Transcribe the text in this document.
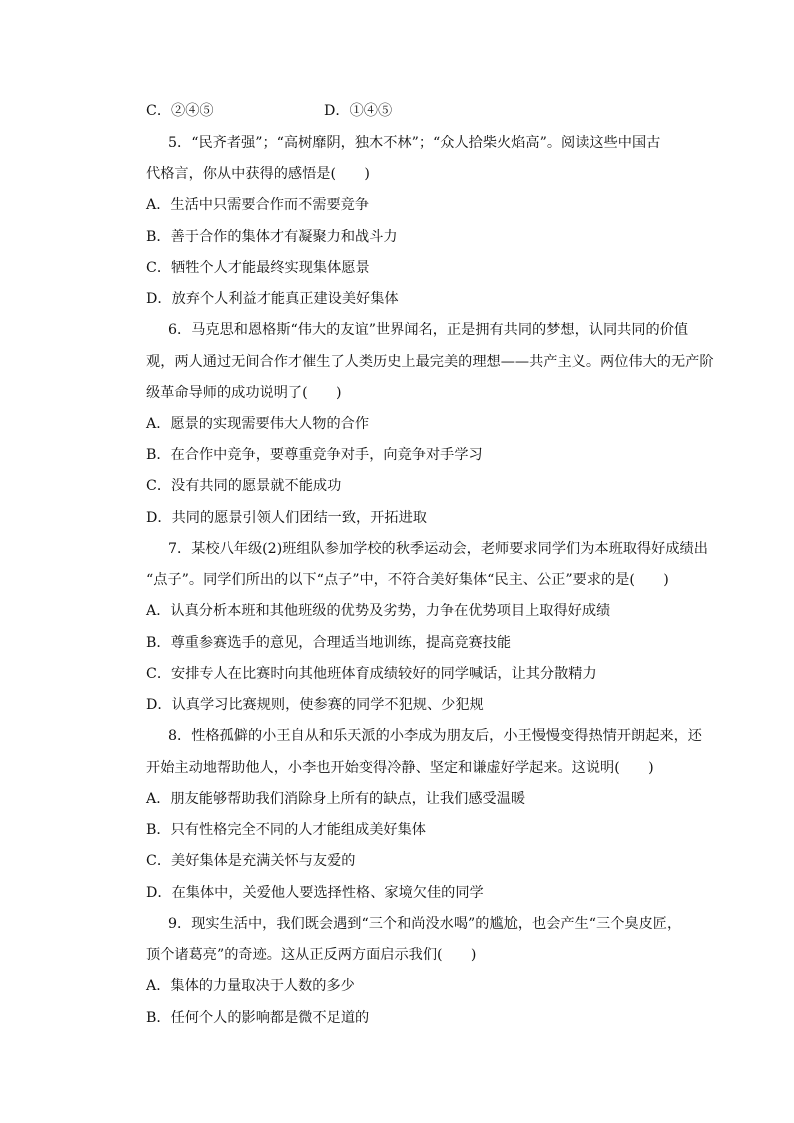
C．②④⑤	D．①④⑤
5．“民齐者强”；“高树靡阴，独木不林”；“众人拾柴火焰高”。阅读这些中国古
代格言，你从中获得的感悟是(　　)
A．生活中只需要合作而不需要竞争
B．善于合作的集体才有凝聚力和战斗力
C．牺牲个人才能最终实现集体愿景
D．放弃个人利益才能真正建设美好集体
6．马克思和恩格斯“伟大的友谊”世界闻名，正是拥有共同的梦想，认同共同的价值
观，两人通过无间合作才催生了人类历史上最完美的理想——共产主义。两位伟大的无产阶
级革命导师的成功说明了(　　)
A．愿景的实现需要伟大人物的合作
B．在合作中竞争，要尊重竞争对手，向竞争对手学习
C．没有共同的愿景就不能成功
D．共同的愿景引领人们团结一致，开拓进取
7．某校八年级(2)班组队参加学校的秋季运动会，老师要求同学们为本班取得好成绩出
“点子”。同学们所出的以下“点子”中，不符合美好集体“民主、公正”要求的是(　　)
A．认真分析本班和其他班级的优势及劣势，力争在优势项目上取得好成绩
B．尊重参赛选手的意见，合理适当地训练，提高竞赛技能
C．安排专人在比赛时向其他班体育成绩较好的同学喊话，让其分散精力
D．认真学习比赛规则，使参赛的同学不犯规、少犯规
8．性格孤僻的小王自从和乐天派的小李成为朋友后，小王慢慢变得热情开朗起来，还
开始主动地帮助他人，小李也开始变得冷静、坚定和谦虚好学起来。这说明(　　)
A．朋友能够帮助我们消除身上所有的缺点，让我们感受温暖
B．只有性格完全不同的人才能组成美好集体
C．美好集体是充满关怀与友爱的
D．在集体中，关爱他人要选择性格、家境欠佳的同学
9．现实生活中，我们既会遇到“三个和尚没水喝”的尴尬，也会产生“三个臭皮匠，
顶个诸葛亮”的奇迹。这从正反两方面启示我们(　　)
A．集体的力量取决于人数的多少
B．任何个人的影响都是微不足道的
